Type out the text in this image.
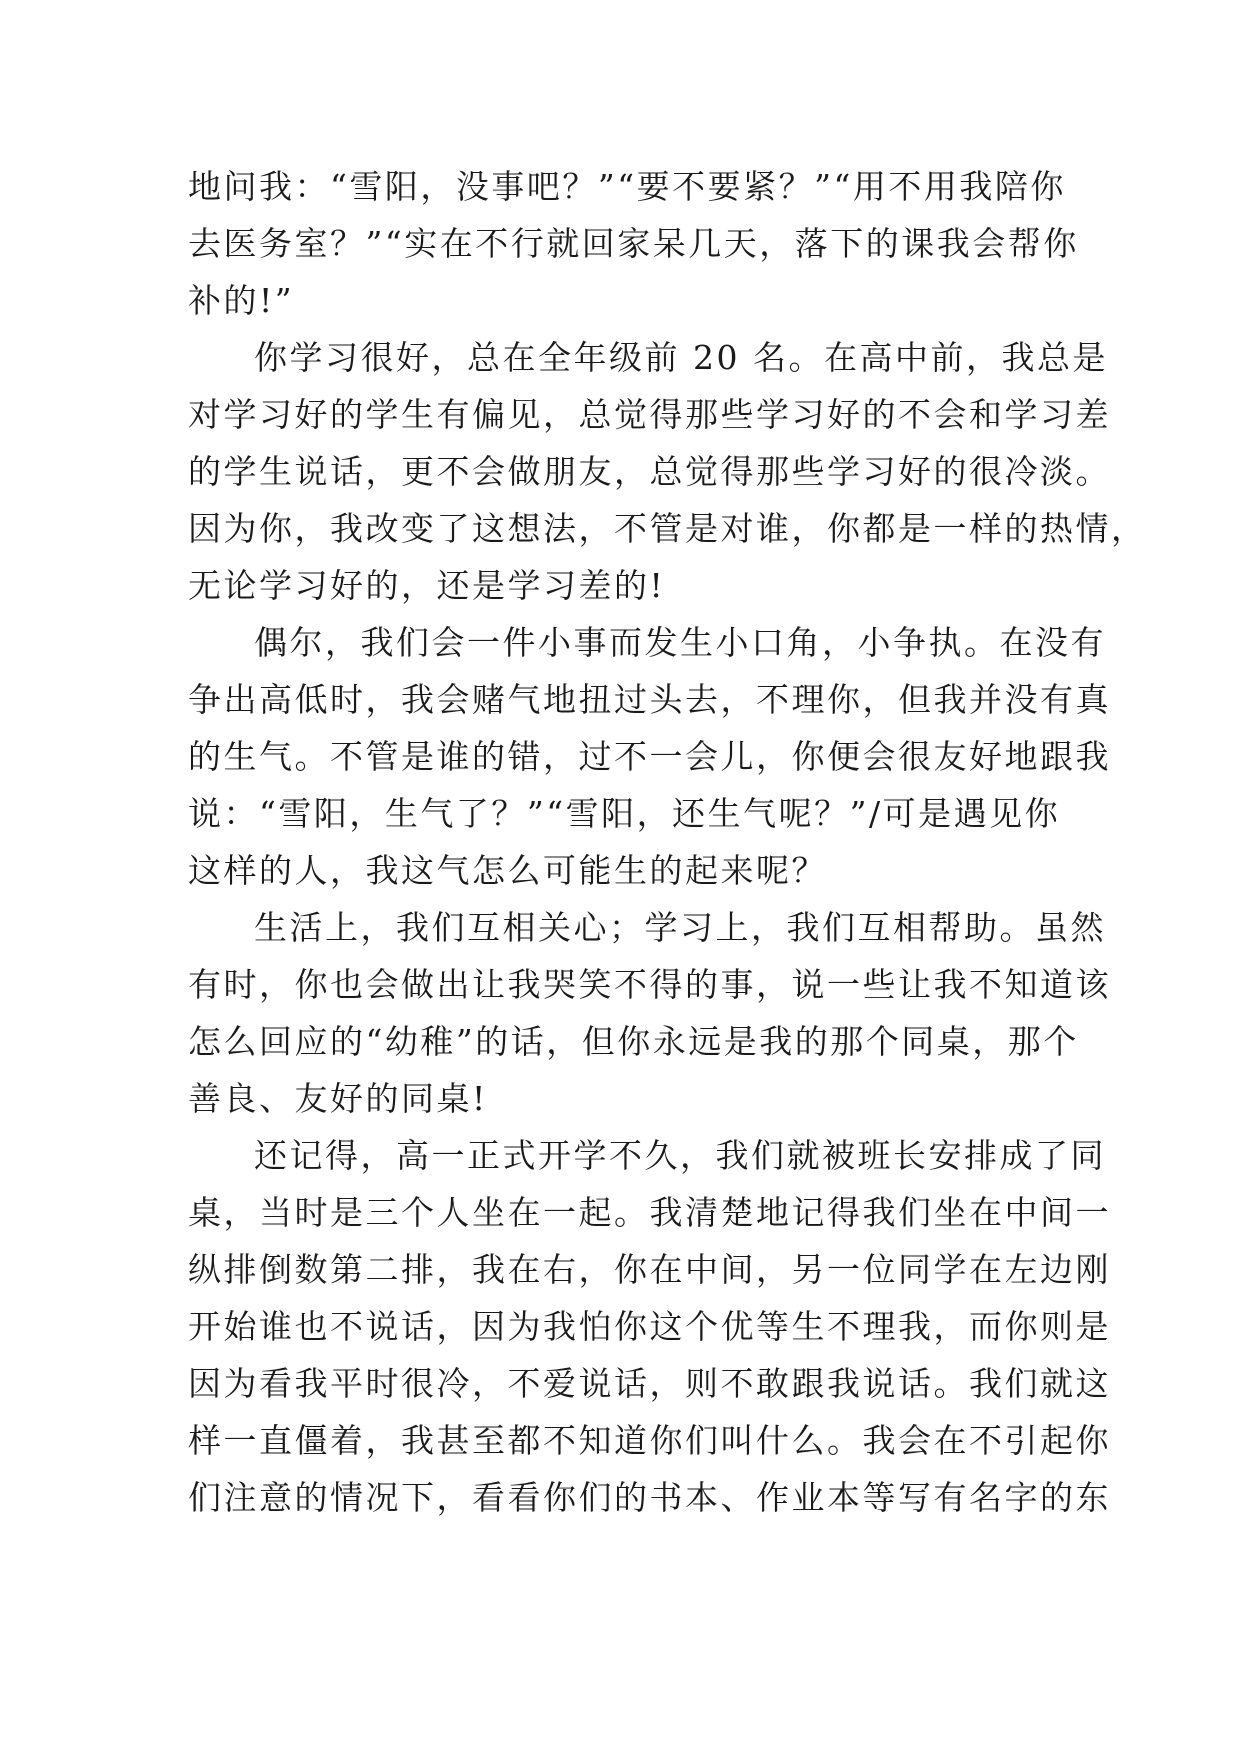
地问我：“雪阳，没事吧？”“要不要紧？”“用不用我陪你
去医务室？”“实在不行就回家呆几天，落下的课我会帮你
补的!”
你学习很好，总在全年级前 20 名。在高中前，我总是
对学习好的学生有偏见，总觉得那些学习好的不会和学习差
的学生说话，更不会做朋友，总觉得那些学习好的很冷淡。
因为你，我改变了这想法，不管是对谁，你都是一样的热情，
无论学习好的，还是学习差的!
偶尔，我们会一件小事而发生小口角，小争执。在没有
争出高低时，我会赌气地扭过头去，不理你，但我并没有真
的生气。不管是谁的错，过不一会儿，你便会很友好地跟我
说：“雪阳，生气了？”“雪阳，还生气呢？”/可是遇见你
这样的人，我这气怎么可能生的起来呢？
生活上，我们互相关心；学习上，我们互相帮助。虽然
有时，你也会做出让我哭笑不得的事，说一些让我不知道该
怎么回应的“幼稚”的话，但你永远是我的那个同桌，那个
善良、友好的同桌!
还记得，高一正式开学不久，我们就被班长安排成了同
桌，当时是三个人坐在一起。我清楚地记得我们坐在中间一
纵排倒数第二排，我在右，你在中间，另一位同学在左边刚
开始谁也不说话，因为我怕你这个优等生不理我，而你则是
因为看我平时很冷，不爱说话，则不敢跟我说话。我们就这
样一直僵着，我甚至都不知道你们叫什么。我会在不引起你
们注意的情况下，看看你们的书本、作业本等写有名字的东
